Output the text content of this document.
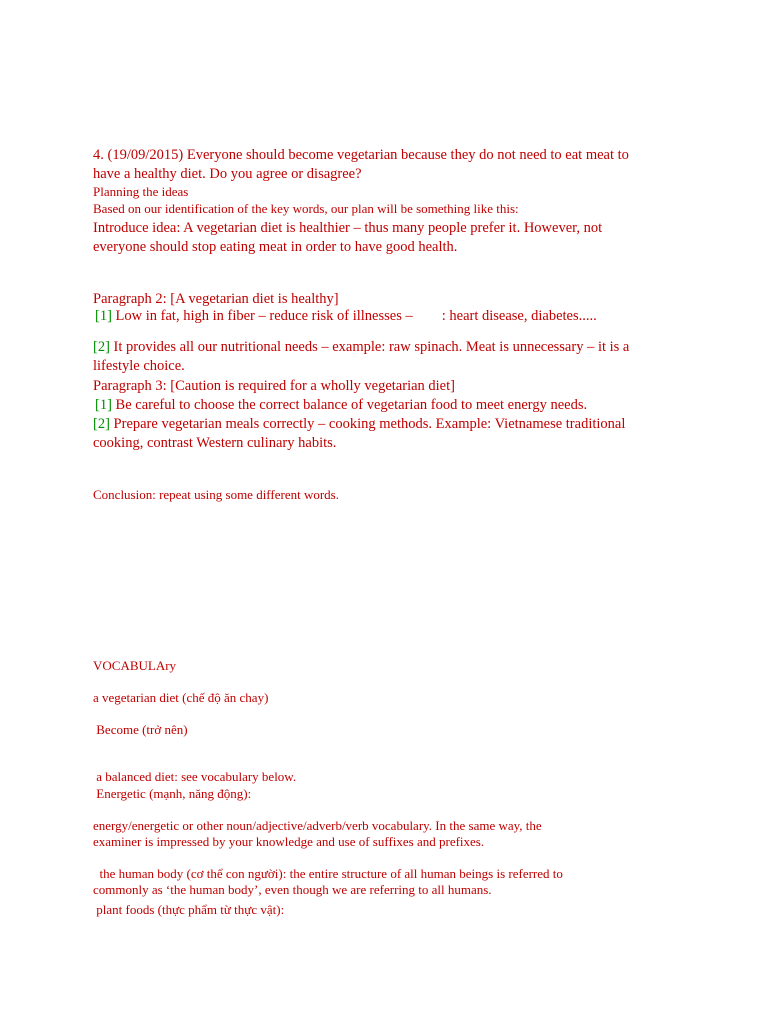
4. (19/09/2015) Everyone should become vegetarian because they do not need to eat meat to
have a healthy diet. Do you agree or disagree?
Planning the ideas
Based on our identification of the key words, our plan will be something like this:
Introduce idea: A vegetarian diet is healthier – thus many people prefer it. However, not
everyone should stop eating meat in order to have good health.
Paragraph 2: [A vegetarian diet is healthy]
[1] Low in fat, high in fiber – reduce risk of illnesses –        : heart disease, diabetes.....
[2] It provides all our nutritional needs – example: raw spinach. Meat is unnecessary – it is a
lifestyle choice.
Paragraph 3: [Caution is required for a wholly vegetarian diet]
[1] Be careful to choose the correct balance of vegetarian food to meet energy needs.
[2] Prepare vegetarian meals correctly – cooking methods. Example: Vietnamese traditional
cooking, contrast Western culinary habits.
Conclusion: repeat using some different words.
VOCABULAry
a vegetarian diet (chế độ ăn chay)
Become (trở nên)
a balanced diet: see vocabulary below.
Energetic (mạnh, năng động):
energy/energetic or other noun/adjective/adverb/verb vocabulary. In the same way, the
examiner is impressed by your knowledge and use of suffixes and prefixes.
the human body (cơ thể con người): the entire structure of all human beings is referred to
commonly as ‘the human body’, even though we are referring to all humans.
plant foods (thực phẩm từ thực vật):
